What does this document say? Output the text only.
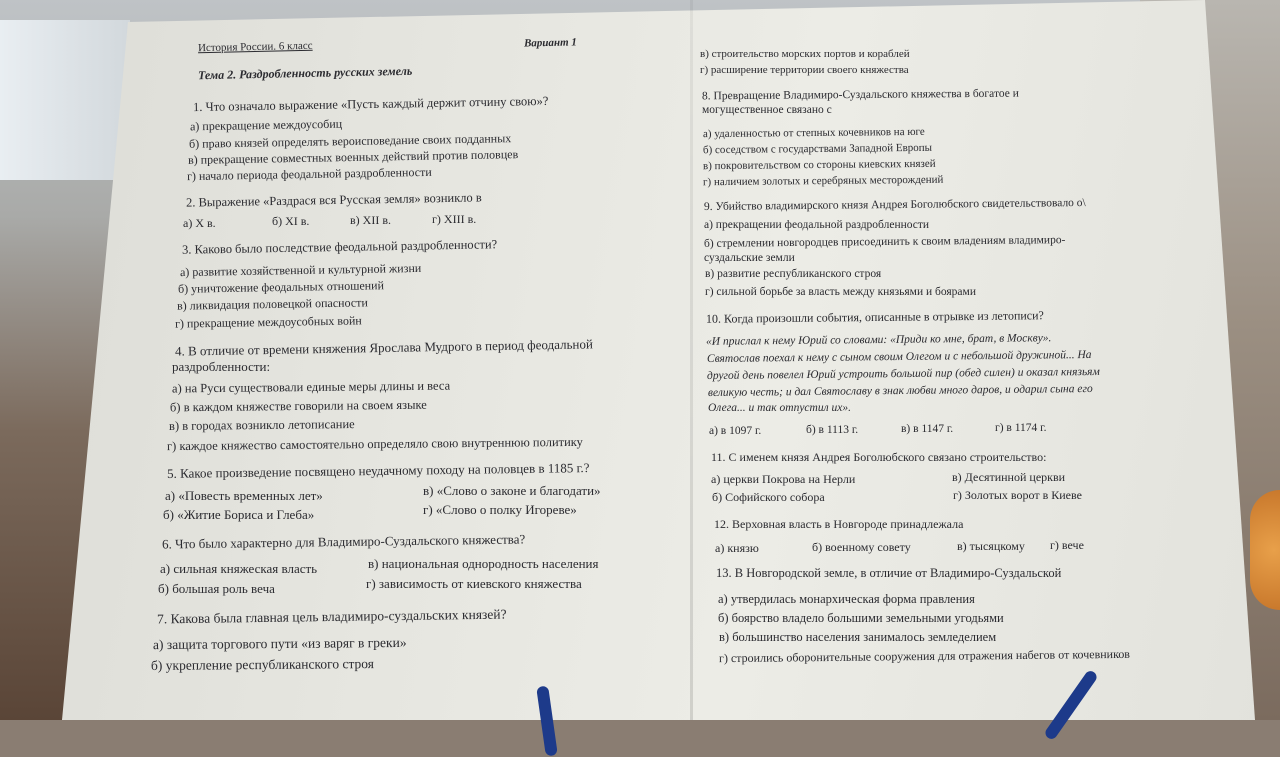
История России. 6 класс	Вариант 1
Тема 2. Раздробленность русских земель
1. Что означало выражение «Пусть каждый держит отчину свою»?
а) прекращение междоусобиц
б) право князей определять вероисповедание своих подданных
в) прекращение совместных военных действий против половцев
г) начало периода феодальной раздробленности
2. Выражение «Раздрася вся Русская земля» возникло в
а) X в.	б) XI в.	в) XII в.	г) XIII в.
3. Каково было последствие феодальной раздробленности?
а) развитие хозяйственной и культурной жизни
б) уничтожение феодальных отношений
в) ликвидация половецкой опасности
г) прекращение междоусобных войн
4. В отличие от времени княжения Ярослава Мудрого в период феодальной
раздробленности:
а) на Руси существовали единые меры длины и веса
б) в каждом княжестве говорили на своем языке
в) в городах возникло летописание
г) каждое княжество самостоятельно определяло свою внутреннюю политику
5. Какое произведение посвящено неудачному походу на половцев в 1185 г.?
а) «Повесть временных лет»
б) «Житие Бориса и Глеба»
в) «Слово о законе и благодати»
г) «Слово о полку Игореве»
6. Что было характерно для Владимиро-Суздальского княжества?
а) сильная княжеская власть
б) большая роль веча
в) национальная однородность населения
г) зависимость от киевского княжества
7. Какова была главная цель владимиро-суздальских князей?
а) защита торгового пути «из варяг в греки»
б) укрепление республиканского строя
в) строительство морских портов и кораблей
г) расширение территории своего княжества
8. Превращение Владимиро-Суздальского княжества в богатое и
могущественное связано с
а) удаленностью от степных кочевников на юге
б) соседством с государствами Западной Европы
в) покровительством со стороны киевских князей
г) наличием золотых и серебряных месторождений
9. Убийство владимирского князя Андрея Боголюбского свидетельствовало о\
а) прекращении феодальной раздробленности
б) стремлении новгородцев присоединить к своим владениям владимиро-
суздальские земли
в) развитие республиканского строя
г) сильной борьбе за власть между князьями и боярами
10. Когда произошли события, описанные в отрывке из летописи?
«И прислал к нему Юрий со словами: «Приди ко мне, брат, в Москву».
Святослав поехал к нему с сыном своим Олегом и с небольшой дружиной... На
другой день повелел Юрий устроить большой пир (обед силен) и оказал князьям
великую честь; и дал Святославу в знак любви много даров, и одарил сына его
Олега... и так отпустил их».
а) в 1097 г.	б) в 1113 г.	в) в 1147 г.	г) в 1174 г.
11. С именем князя Андрея Боголюбского связано строительство:
а) церкви Покрова на Нерли
б) Софийского собора
в) Десятинной церкви
г) Золотых ворот в Киеве
12. Верховная власть в Новгороде принадлежала
а) князю	б) военному совету	в) тысяцкому г) вече
13. В Новгородской земле, в отличие от Владимиро-Суздальской
а) утвердилась монархическая форма правления
б) боярство владело большими земельными угодьями
в) большинство населения занималось земледелием
г) строились оборонительные сооружения для отражения набегов от кочевников
